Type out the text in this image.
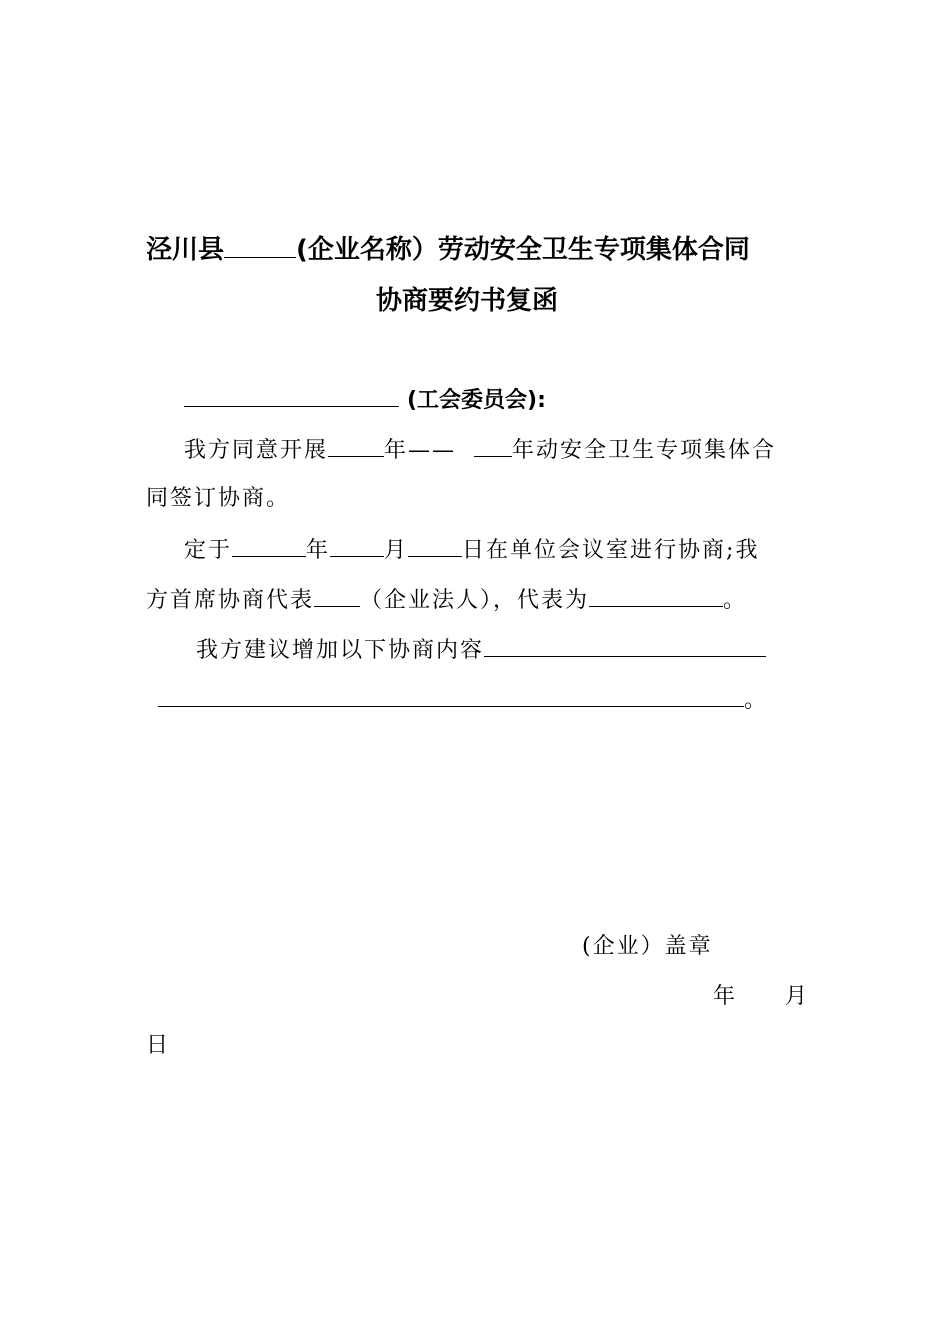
泾川县	(企业名称）劳动安全卫生专项集体合同
协商要约书复函
(工会委员会):
我方同意开展	年——	年动安全卫生专项集体合
同签订协商。
定于	年 月 日在单位会议室进行协商;我
方首席协商代表 （企业法人），代表为	。
我方建议增加以下协商内容
。
(企业）盖章
年 月
日
